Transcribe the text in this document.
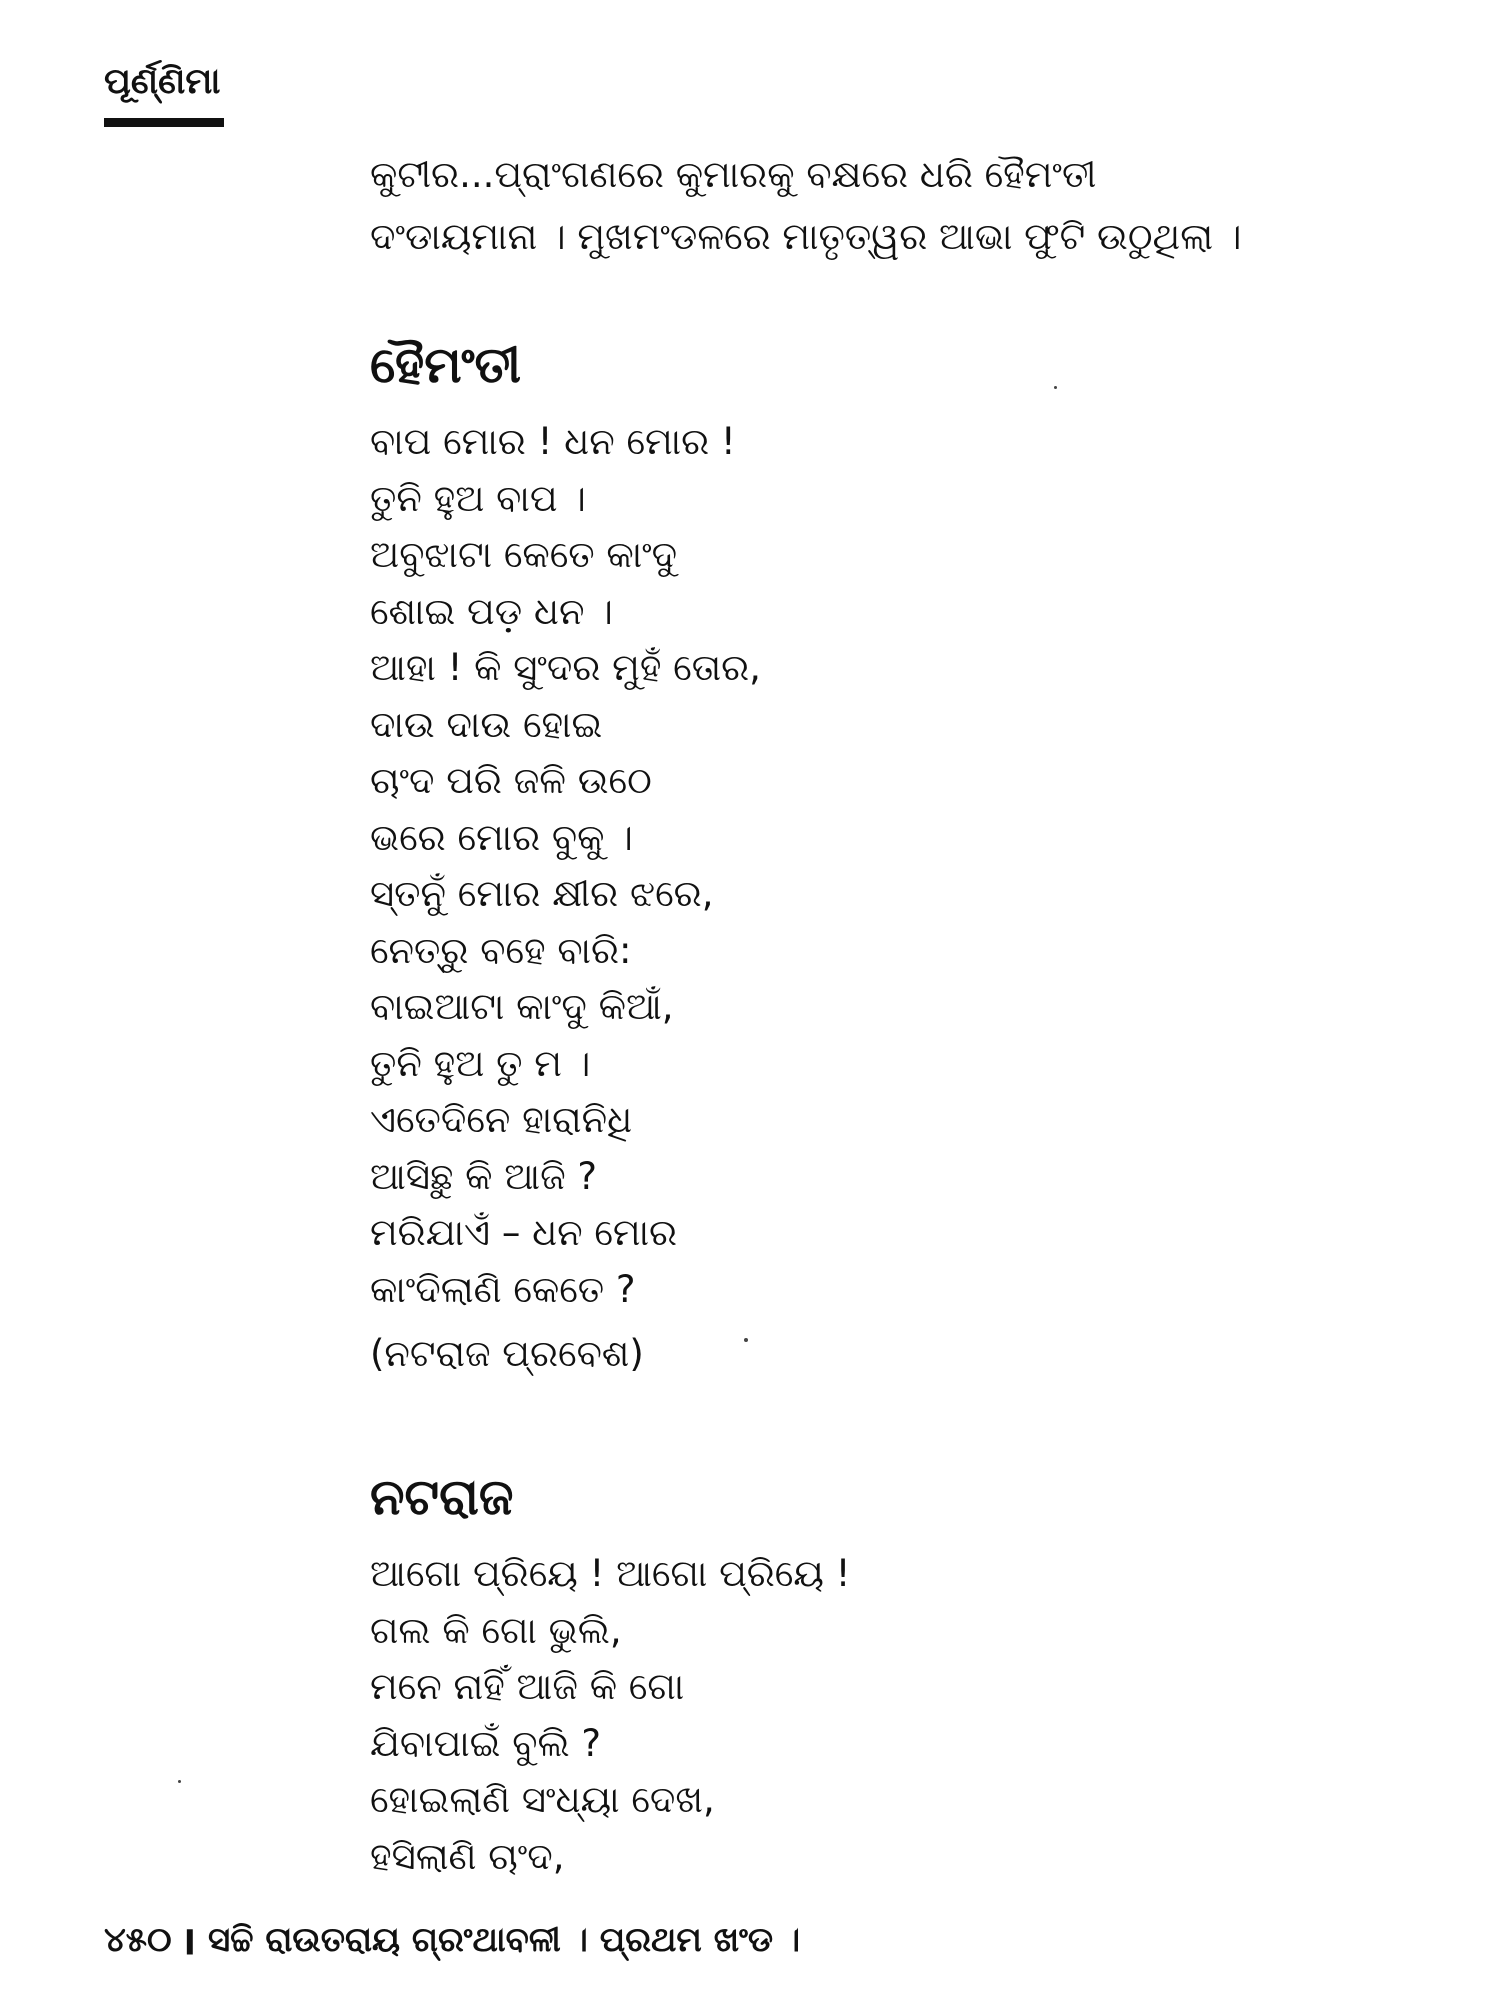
ପୂର୍ଣ୍ଣିମା

କୁଟୀର...ପ୍ରାଂଗଣରେ କୁମାରକୁ ବକ୍ଷରେ ଧରି ହୈମଂତୀ

ଦଂଡାୟମାନା । ମୁଖମଂଡଳରେ ମାତୃତ୍ୱର ଆଭା ଫୁଟି ଉଠୁଥିଲା ।

ହୈମଂତୀ
ବାପ ମୋର ! ଧନ ମୋର !
ତୁନି ହୁଅ ବାପ ।
ଅବୁଝାଟା କେତେ କାଂଦୁ
ଶୋଇ ପଡ଼ ଧନ ।
ଆହା ! କି ସୁଂଦର ମୁହଁ ତୋର,
ଦାଉ ଦାଉ ହୋଇ
ଚାଂଦ ପରି ଜଳି ଉଠେ
ଭରେ ମୋର ବୁକୁ ।
ସ୍ତନୁଁ ମୋର କ୍ଷୀର ଝରେ,
ନେତ୍ରୁ ବହେ ବାରି:
ବାଇଆଟା କାଂଦୁ କିଆଁ,
ତୁନି ହୁଅ ତୁ ମ ।
ଏତେଦିନେ ହାରାନିଧି
ଆସିଛୁ କି ଆଜି ?
ମରିଯାଏଁ – ଧନ ମୋର
କାଂଦିଲାଣି କେତେ ?

(ନଟରାଜ ପ୍ରବେଶ)

ନଟରାଜ
ଆଗୋ ପ୍ରିୟେ ! ଆଗୋ ପ୍ରିୟେ !
ଗଲ କି ଗୋ ଭୁଲି,
ମନେ ନାହିଁ ଆଜି କି ଗୋ
ଯିବାପାଇଁ ବୁଲି ?
ହୋଇଲାଣି ସଂଧ୍ୟା ଦେଖ,
ହସିଲାଣି ଚାଂଦ,
୪୫୦ ׀ ସଚ୍ଚି ରାଉତରାୟ ଗ୍ରଂଥାବଳୀ । ପ୍ରଥମ ଖଂଡ ।
